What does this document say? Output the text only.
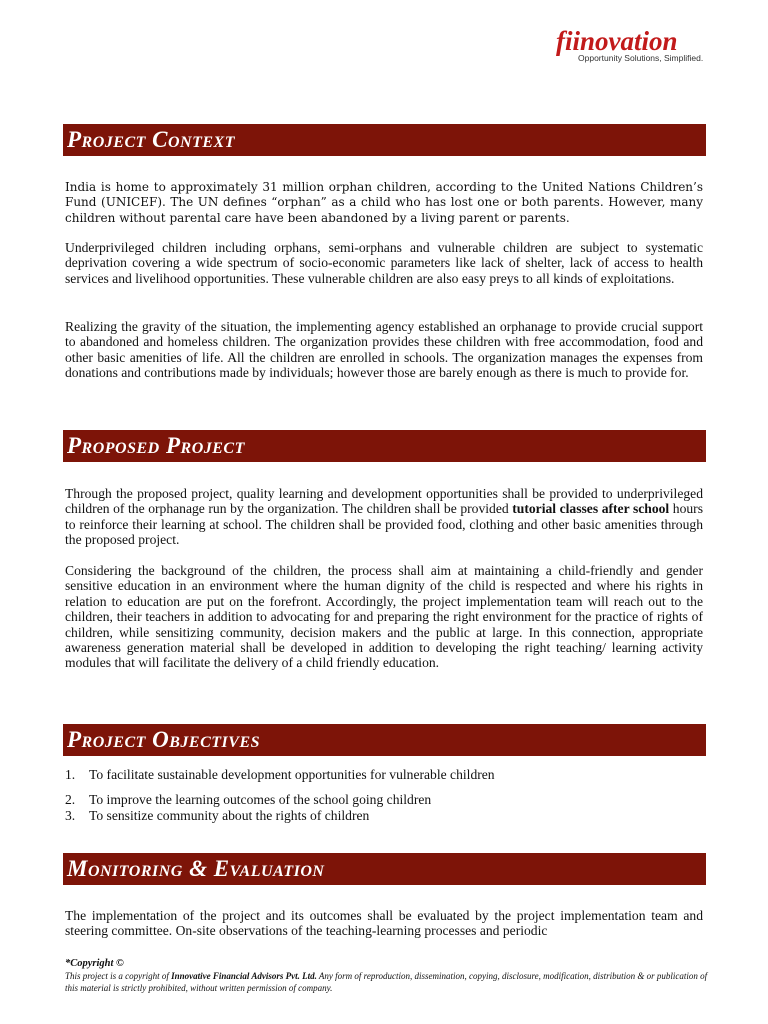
fiinovation
Opportunity Solutions, Simplified.
Project Context
India is home to approximately 31 million orphan children, according to the United Nations Children’s Fund (UNICEF). The UN defines “orphan” as a child who has lost one or both parents. However, many children without parental care have been abandoned by a living parent or parents.
Underprivileged children including orphans, semi-orphans and vulnerable children are subject to systematic deprivation covering a wide spectrum of socio-economic parameters like lack of shelter, lack of access to health services and livelihood opportunities. These vulnerable children are also easy preys to all kinds of exploitations.
Realizing the gravity of the situation, the implementing agency established an orphanage to provide crucial support to abandoned and homeless children. The organization provides these children with free accommodation, food and other basic amenities of life. All the children are enrolled in schools. The organization manages the expenses from donations and contributions made by individuals; however those are barely enough as there is much to provide for.
Proposed Project
Through the proposed project, quality learning and development opportunities shall be provided to underprivileged children of the orphanage run by the organization. The children shall be provided tutorial classes after school hours to reinforce their learning at school. The children shall be provided food, clothing and other basic amenities through the proposed project.
Considering the background of the children, the process shall aim at maintaining a child-friendly and gender sensitive education in an environment where the human dignity of the child is respected and where his rights in relation to education are put on the forefront. Accordingly, the project implementation team will reach out to the children, their teachers in addition to advocating for and preparing the right environment for the practice of rights of children, while sensitizing community, decision makers and the public at large. In this connection, appropriate awareness generation material shall be developed in addition to developing the right teaching/ learning activity modules that will facilitate the delivery of a child friendly education.
Project Objectives
1. To facilitate sustainable development opportunities for vulnerable children
2. To improve the learning outcomes of the school going children
3. To sensitize community about the rights of children
Monitoring & Evaluation
The implementation of the project and its outcomes shall be evaluated by the project implementation team and steering committee. On-site observations of the teaching-learning processes and periodic
*Copyright ©
This project is a copyright of Innovative Financial Advisors Pvt. Ltd. Any form of reproduction, dissemination, copying, disclosure, modification, distribution & or publication of this material is strictly prohibited, without written permission of company.
